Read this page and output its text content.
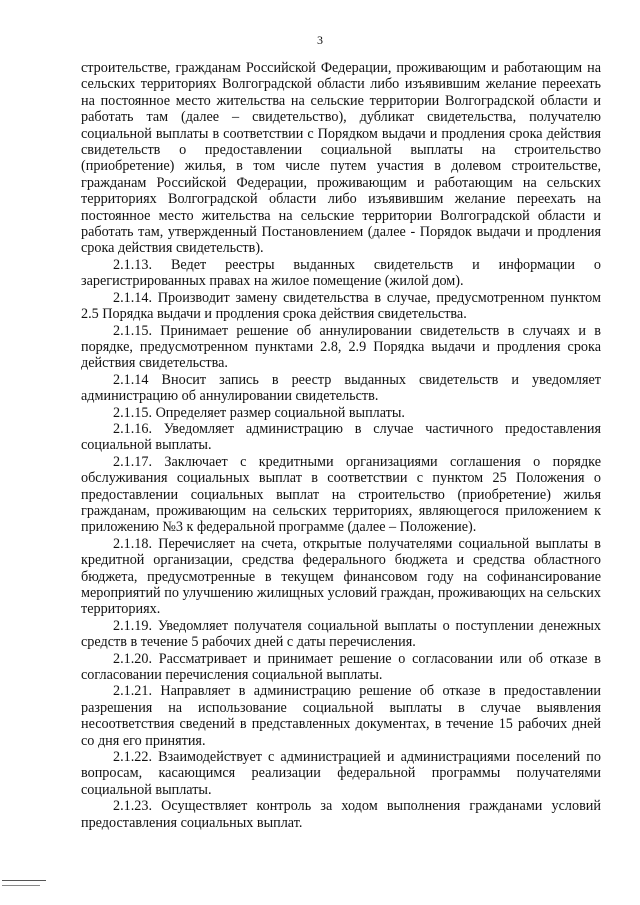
3

строительстве, гражданам Российской Федерации, проживающим и работающим на сельских территориях Волгоградской области либо изъявившим желание переехать на постоянное место жительства на сельские территории Волгоградской области и работать там (далее – свидетельство), дубликат свидетельства, получателю социальной выплаты в соответствии с Порядком выдачи и продления срока действия свидетельств о предоставлении социальной выплаты на строительство (приобретение) жилья, в том числе путем участия в долевом строительстве, гражданам Российской Федерации, проживающим и работающим на сельских территориях Волгоградской области либо изъявившим желание переехать на постоянное место жительства на сельские территории Волгоградской области и работать там, утвержденный Постановлением (далее - Порядок выдачи и продления срока действия свидетельств).

2.1.13. Ведет реестры выданных свидетельств и информации о зарегистрированных правах на жилое помещение (жилой дом).

2.1.14. Производит замену свидетельства в случае, предусмотренном пунктом 2.5 Порядка выдачи и продления срока действия свидетельства.

2.1.15. Принимает решение об аннулировании свидетельств в случаях и в порядке, предусмотренном пунктами 2.8, 2.9 Порядка выдачи и продления срока действия свидетельства.

2.1.14 Вносит запись в реестр выданных свидетельств и уведомляет администрацию об аннулировании свидетельств.

2.1.15. Определяет размер социальной выплаты.

2.1.16. Уведомляет администрацию в случае частичного предоставления социальной выплаты.

2.1.17. Заключает с кредитными организациями соглашения о порядке обслуживания социальных выплат в соответствии с пунктом 25 Положения о предоставлении социальных выплат на строительство (приобретение) жилья гражданам, проживающим на сельских территориях, являющегося приложением к приложению №3 к федеральной программе (далее – Положение).

2.1.18. Перечисляет на счета, открытые получателями социальной выплаты в кредитной организации, средства федерального бюджета и средства областного бюджета, предусмотренные в текущем финансовом году на софинансирование мероприятий по улучшению жилищных условий граждан, проживающих на сельских территориях.

2.1.19. Уведомляет получателя социальной выплаты о поступлении денежных средств в течение 5 рабочих дней с даты перечисления.

2.1.20. Рассматривает и принимает решение о согласовании или об отказе в согласовании перечисления социальной выплаты.

2.1.21. Направляет в администрацию решение об отказе в предоставлении разрешения на использование социальной выплаты в случае выявления несоответствия сведений в представленных документах, в течение 15 рабочих дней со дня его принятия.

2.1.22. Взаимодействует с администрацией и администрациями поселений по вопросам, касающимся реализации федеральной программы получателями социальной выплаты.

2.1.23. Осуществляет контроль за ходом выполнения гражданами условий предоставления социальных выплат.
